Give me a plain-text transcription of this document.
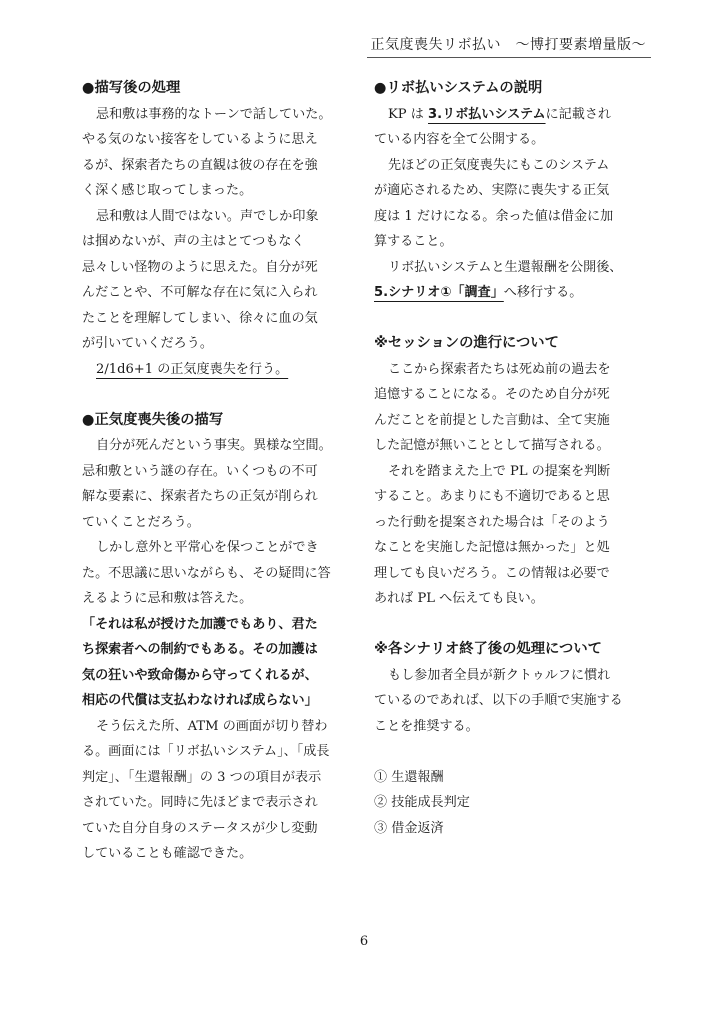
正気度喪失リボ払い　～博打要素増量版～
●描写後の処理
忌和敷は事務的なトーンで話していた。
やる気のない接客をしているように思え
るが、探索者たちの直観は彼の存在を強
く深く感じ取ってしまった。
忌和敷は人間ではない。声でしか印象
は掴めないが、声の主はとてつもなく
忌々しい怪物のように思えた。自分が死
んだことや、不可解な存在に気に入られ
たことを理解してしまい、徐々に血の気
が引いていくだろう。
2/1d6+1 の正気度喪失を行う。
●正気度喪失後の描写
自分が死んだという事実。異様な空間。
忌和敷という謎の存在。いくつもの不可
解な要素に、探索者たちの正気が削られ
ていくことだろう。
しかし意外と平常心を保つことができ
た。不思議に思いながらも、その疑問に答
えるように忌和敷は答えた。
「それは私が授けた加護でもあり、君た
ち探索者への制約でもある。その加護は
気の狂いや致命傷から守ってくれるが、
相応の代償は支払わなければ成らない」
そう伝えた所、ATM の画面が切り替わ
る。画面には「リボ払いシステム」、「成長
判定」、「生還報酬」の 3 つの項目が表示
されていた。同時に先ほどまで表示され
ていた自分自身のステータスが少し変動
していることも確認できた。
●リボ払いシステムの説明
KP は 3.リボ払いシステムに記載され
ている内容を全て公開する。
先ほどの正気度喪失にもこのシステム
が適応されるため、実際に喪失する正気
度は 1 だけになる。余った値は借金に加
算すること。
リボ払いシステムと生還報酬を公開後、
5.シナリオ①「調査」へ移行する。
※セッションの進行について
ここから探索者たちは死ぬ前の過去を
追憶することになる。そのため自分が死
んだことを前提とした言動は、全て実施
した記憶が無いこととして描写される。
それを踏まえた上で PL の提案を判断
すること。あまりにも不適切であると思
った行動を提案された場合は「そのよう
なことを実施した記憶は無かった」と処
理しても良いだろう。この情報は必要で
あれば PL へ伝えても良い。
※各シナリオ終了後の処理について
もし参加者全員が新クトゥルフに慣れ
ているのであれば、以下の手順で実施する
ことを推奨する。
① 生還報酬
② 技能成長判定
③ 借金返済
6
